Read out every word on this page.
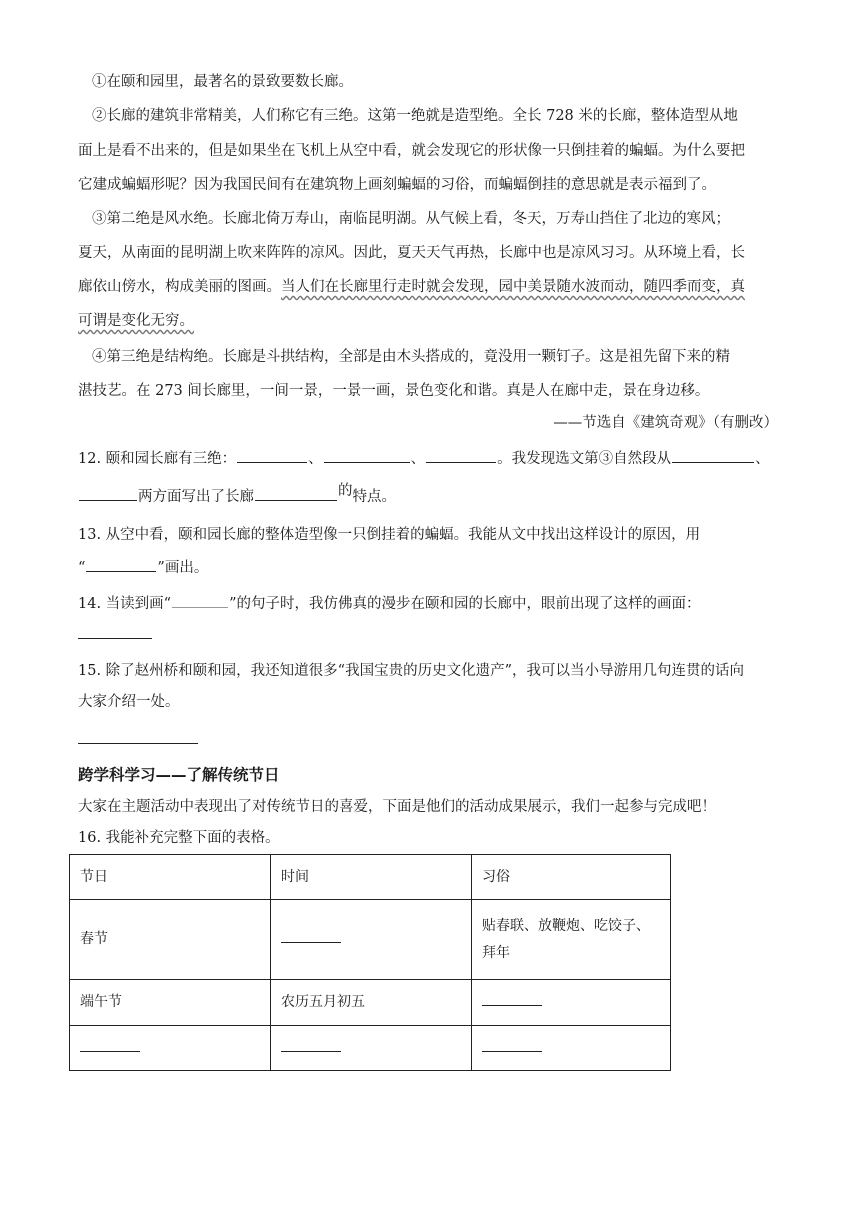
①在颐和园里，最著名的景致要数长廊。
②长廊的建筑非常精美，人们称它有三绝。这第一绝就是造型绝。全长 728 米的长廊，整体造型从地
面上是看不出来的，但是如果坐在飞机上从空中看，就会发现它的形状像一只倒挂着的蝙蝠。为什么要把
它建成蝙蝠形呢？因为我国民间有在建筑物上画刻蝙蝠的习俗，而蝙蝠倒挂的意思就是表示福到了。
③第二绝是风水绝。长廊北倚万寿山，南临昆明湖。从气候上看，冬天，万寿山挡住了北边的寒风；
夏天，从南面的昆明湖上吹来阵阵的凉风。因此，夏天天气再热，长廊中也是凉风习习。从环境上看，长
廊依山傍水，构成美丽的图画。当人们在长廊里行走时就会发现，园中美景随水波而动，随四季而变，真
可谓是变化无穷。
④第三绝是结构绝。长廊是斗拱结构，全部是由木头搭成的，竟没用一颗钉子。这是祖先留下来的精
湛技艺。在 273 间长廊里，一间一景，一景一画，景色变化和谐。真是人在廊中走，景在身边移。
——节选自《建筑奇观》（有删改）
12. 颐和园长廊有三绝：	、	、	。我发现选文第③自然段从	、
两方面写出了长廊	的特点。
13. 从空中看，颐和园长廊的整体造型像一只倒挂着的蝙蝠。我能从文中找出这样设计的原因，用
“	”画出。
14. 当读到画“	”的句子时，我仿佛真的漫步在颐和园的长廊中，眼前出现了这样的画面：
15. 除了赵州桥和颐和园，我还知道很多“我国宝贵的历史文化遗产”，我可以当小导游用几句连贯的话向
大家介绍一处。
跨学科学习——了解传统节日
大家在主题活动中表现出了对传统节日的喜爱，下面是他们的活动成果展示，我们一起参与完成吧！
16. 我能补充完整下面的表格。
节日	时间	习俗
春节		贴春联、放鞭炮、吃饺子、
拜年

端午节	农历五月初五	
